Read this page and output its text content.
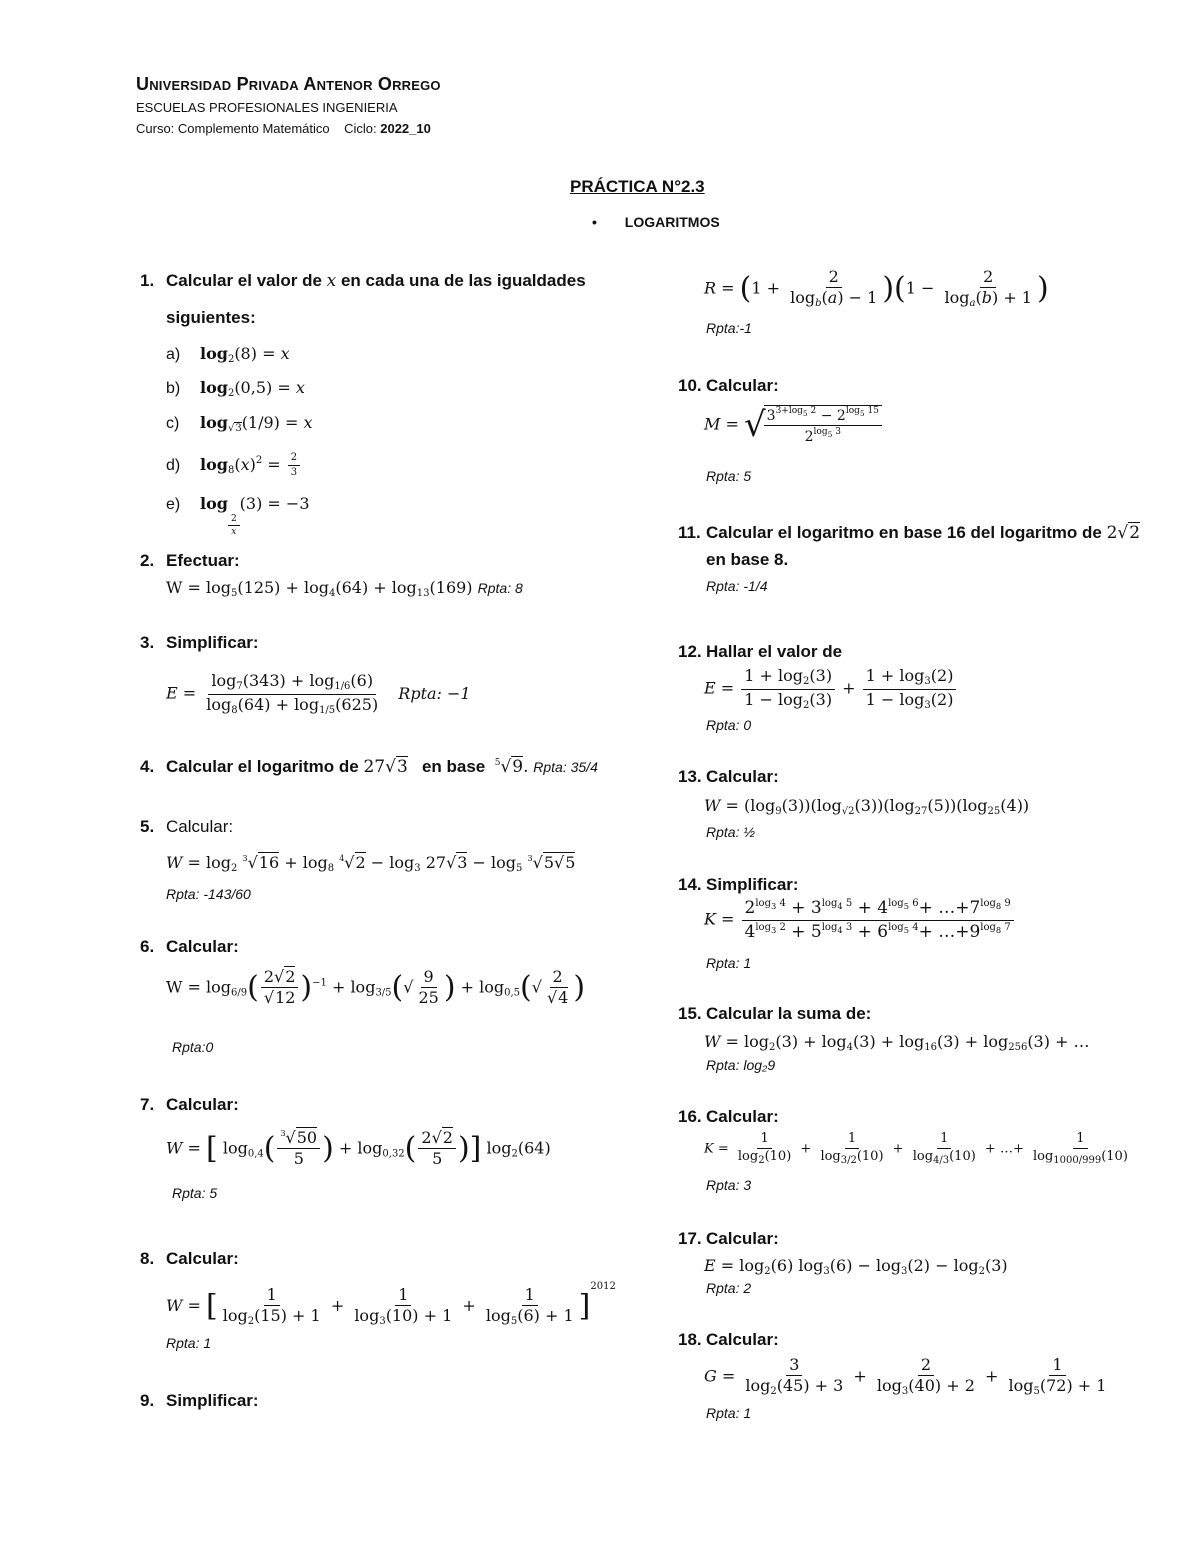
Universidad Privada Antenor Orrego
ESCUELAS PROFESIONALES INGENIERIA
Curso: Complemento Matemático Ciclo: 2022_10
PRÁCTICA N°2.3
• LOGARITMOS
1. Calcular el valor de x en cada una de las igualdades
siguientes:
a) $\log_2(8) = x$
b) $\log_2(0,5) = x$
c) $\log_{√3}(1/9) = x$
d) $\log_8(x)^2 = \frac{2}{3}$
e) log
$\frac{2}{x}$
(3) = −3
2. Efectuar:
$W = \log_5(125) + \log_4(64) + \log_{13}(169)$ Rpta: 8
3. Simplificar:
$E = \frac{\log_7(343) + \log_{1/6}(6)}{\log_8(64) + \log_{1/5}(625)}$ Rpta: −1
4. Calcular el logaritmo de 27√3 en base $^5$√9. Rpta: 35/4
5. Calcular:
$W = \log_2 ^3√16 + \log_8 ^4√2 - \log_3 27√3 - \log_5 ^3√5√5$
Rpta: -143/60
6. Calcular:
$W = \log_{6/9}( \frac{2√2}{√12} )^{-1} + \log_{3/5}(√ \frac{9}{25}$ ) + $\log_{0,5}(√ \frac{2}{√4}$ )
Rpta:0
7. Calcular:
W = [ $\log_{0,4}( \frac{^3√50}{5}$ ) + $\log_{0,32}( \frac{2√2}{5}$ )] $\log_2(64)$
Rpta: 5
8. Calcular:
W = [ $\frac{1}{\log_2(15) + 1} + \frac{1}{\log_3(10) + 1} + \frac{1}{\log_5(6) + 1} ]^{2012}$
Rpta: 1
9. Simplificar:
$R = (1 + \frac{2}{\log_b(a) - 1} )(1 - \frac{2}{\log_a(b) + 1}$ )
Rpta:-1
10. Calcular:
M = √
$\frac{3^{3+log_5 2} - 2^{log_5 15}}{2^{log_5 3}}$
Rpta: 5
11. Calcular el logaritmo en base 16 del logaritmo de 2√2
en base 8.
Rpta: -1/4
12. Hallar el valor de
$E = \frac{1 + \log_2(3)}{1 - \log_2(3)} + \frac{1 + \log_3(2)}{1 - \log_3(2)}$
Rpta: 0
13. Calcular:
$W = (\log_9(3))(\log_{√2}(3))(\log_{27}(5))(\log_{25}(4))$
Rpta: ½
14. Simplificar:
$K = \frac{2^{log_3 4} + 3^{log_4 5} + 4^{log_5 6}+ \dots+7^{log_8 9}}{4^{log_3 2} + 5^{log_4 3} + 6^{log_5 4}+ \dots+9^{log_8 7}}$
Rpta: 1
15. Calcular la suma de:
$W = \log_2(3) + \log_4(3) + \log_{16}(3) + \log_{256}(3)$ + …
Rpta: log₂9
16. Calcular:
$K = \frac{1}{\log_2(10)} + \frac{1}{\log_{3/2}(10)} + \frac{1}{\log_{4/3}(10)}$ + …+ $\frac{1}{\log_{1000/999}(10)}$
Rpta: 3
17. Calcular:
$E = \log_2(6) \log_3(6) - \log_3(2) - \log_2(3)$
Rpta: 2
18. Calcular:
$G = \frac{3}{\log_2(45) + 3} + \frac{2}{\log_3(40) + 2} + \frac{1}{\log_5(72) + 1}$
Rpta: 1
